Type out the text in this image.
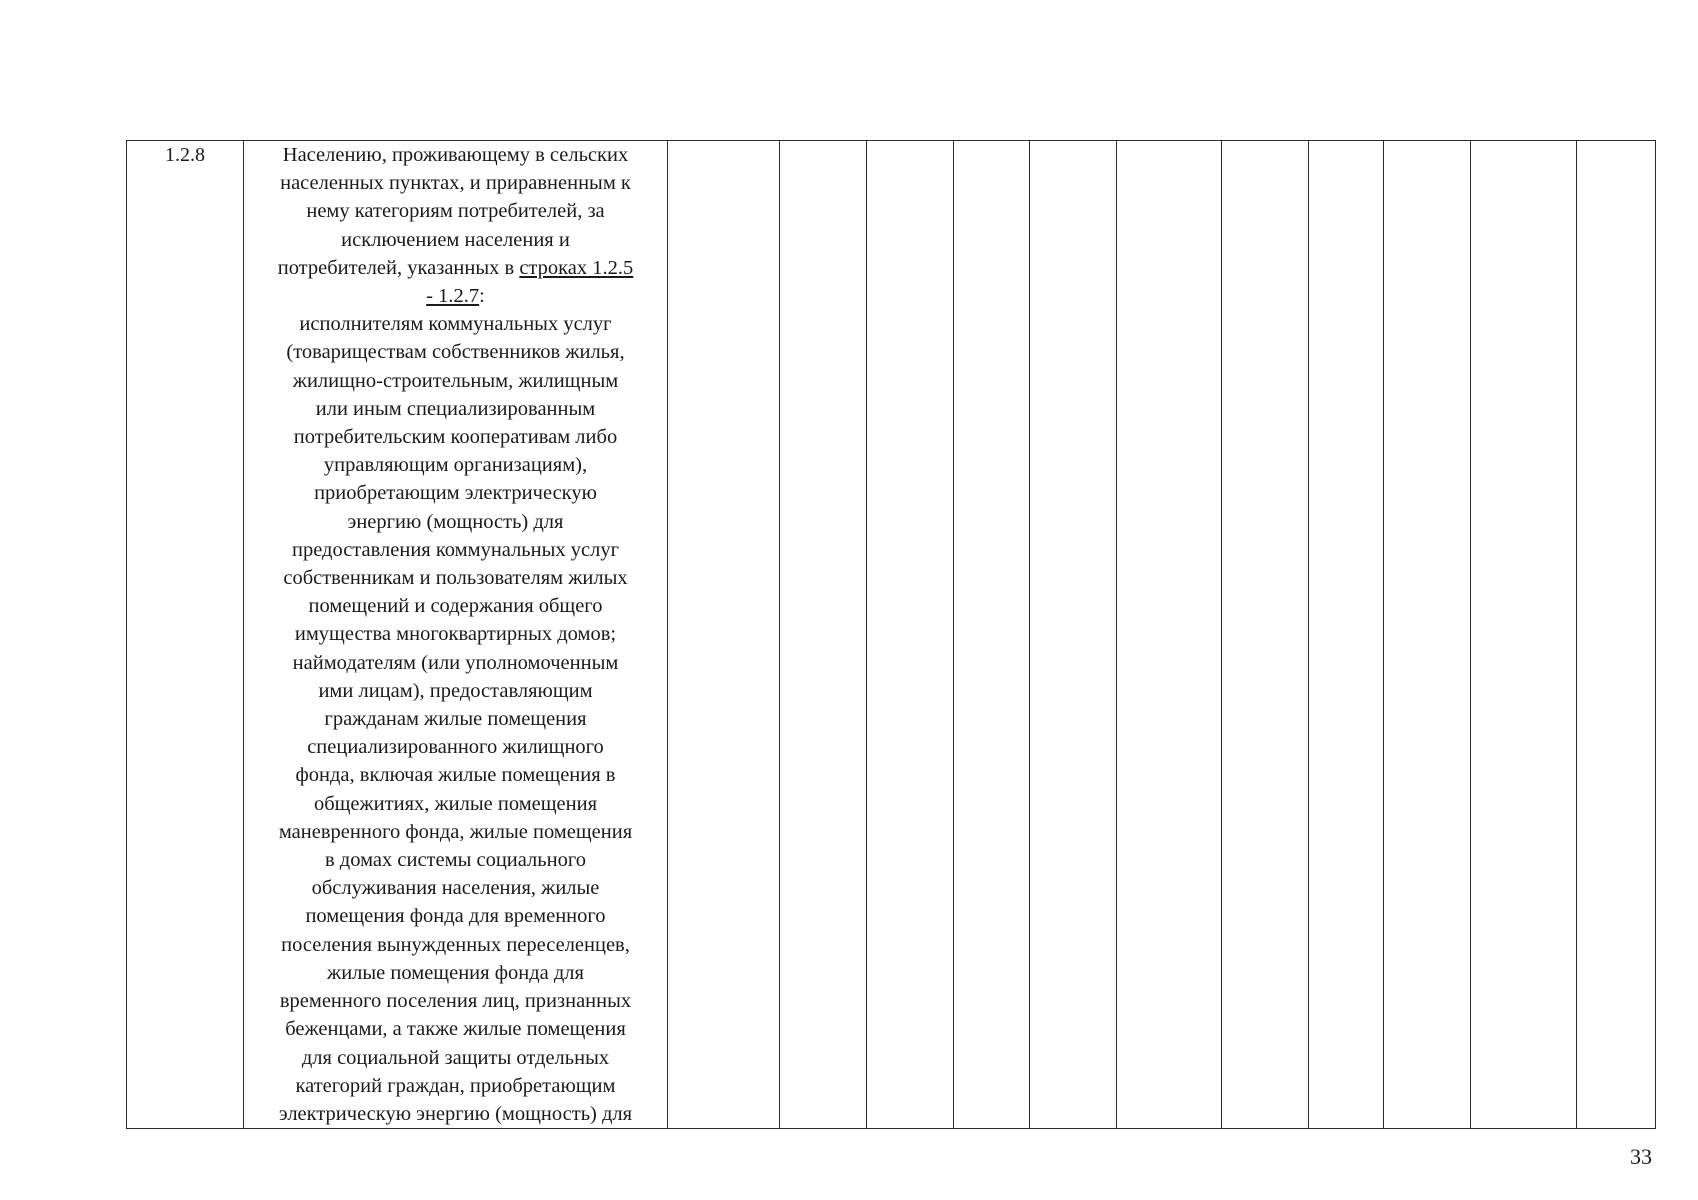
1.2.8	Населению, проживающему в сельских
населенных пунктах, и приравненным к
нему категориям потребителей, за
исключением населения и
потребителей, указанных в строках 1.2.5
- 1.2.7:
исполнителям коммунальных услуг
(товариществам собственников жилья,
жилищно-строительным, жилищным
или иным специализированным
потребительским кооперативам либо
управляющим организациям),
приобретающим электрическую
энергию (мощность) для
предоставления коммунальных услуг
собственникам и пользователям жилых
помещений и содержания общего
имущества многоквартирных домов;
наймодателям (или уполномоченным
ими лицам), предоставляющим
гражданам жилые помещения
специализированного жилищного
фонда, включая жилые помещения в
общежитиях, жилые помещения
маневренного фонда, жилые помещения
в домах системы социального
обслуживания населения, жилые
помещения фонда для временного
поселения вынужденных переселенцев,
жилые помещения фонда для
временного поселения лиц, признанных
беженцами, а также жилые помещения
для социальной защиты отдельных
категорий граждан, приобретающим
электрическую энергию (мощность) для

33
